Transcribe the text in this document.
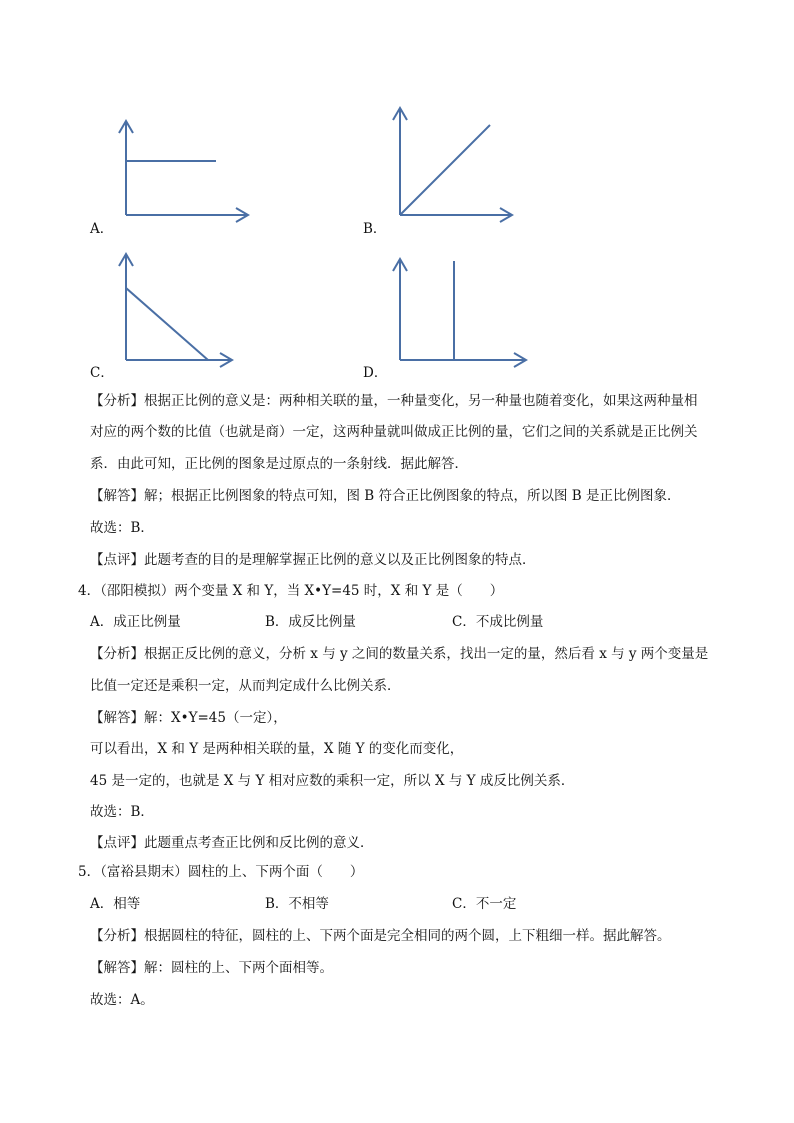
A．	B．
C．	D．
【分析】根据正比例的意义是：两种相关联的量，一种量变化，另一种量也随着变化，如果这两种量相
对应的两个数的比值（也就是商）一定，这两种量就叫做成正比例的量，它们之间的关系就是正比例关
系．由此可知，正比例的图象是过原点的一条射线．据此解答．
【解答】解；根据正比例图象的特点可知，图 B 符合正比例图象的特点，所以图 B 是正比例图象．
故选：B．
【点评】此题考查的目的是理解掌握正比例的意义以及正比例图象的特点．
4．（邵阳模拟）两个变量 X 和 Y，当 X•Y=45 时，X 和 Y 是（　　）
A．成正比例量	B．成反比例量	C．不成比例量
【分析】根据正反比例的意义，分析 x 与 y 之间的数量关系，找出一定的量，然后看 x 与 y 两个变量是
比值一定还是乘积一定，从而判定成什么比例关系．
【解答】解：X•Y=45（一定），
可以看出，X 和 Y 是两种相关联的量，X 随 Y 的变化而变化，
45 是一定的，也就是 X 与 Y 相对应数的乘积一定，所以 X 与 Y 成反比例关系．
故选：B．
【点评】此题重点考查正比例和反比例的意义．
5．（富裕县期末）圆柱的上、下两个面（　　）
A．相等	B．不相等	C．不一定
【分析】根据圆柱的特征，圆柱的上、下两个面是完全相同的两个圆，上下粗细一样。据此解答。
【解答】解：圆柱的上、下两个面相等。
故选：A。
